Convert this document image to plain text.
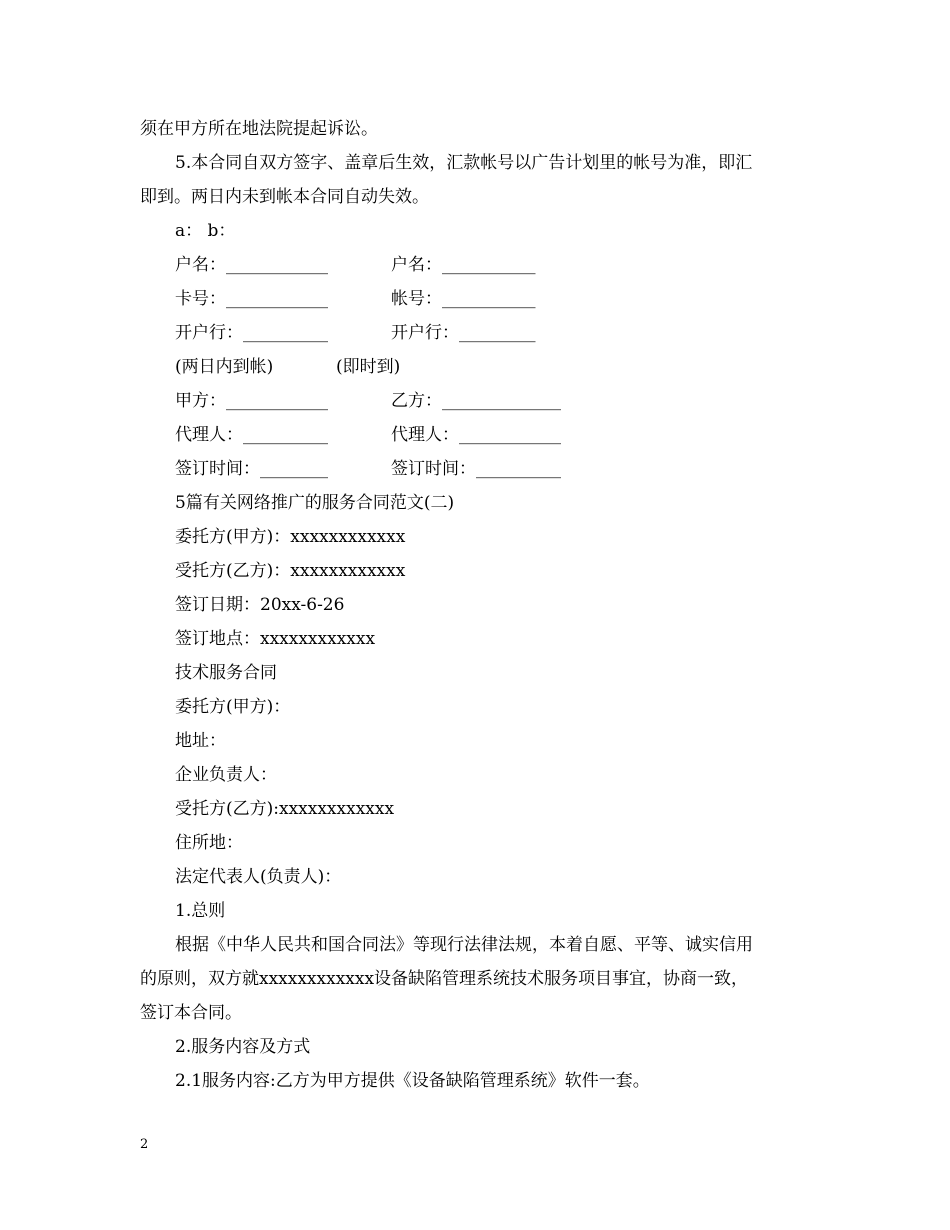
须在甲方所在地法院提起诉讼。
5.本合同自双方签字、盖章后生效，汇款帐号以广告计划里的帐号为准，即汇
即到。两日内未到帐本合同自动失效。
a： b：
户名：____________	户名：___________
卡号：____________	帐号：___________
开户行：__________	开户行：_________
(两日内到帐)	(即时到)
甲方：____________	乙方：______________
代理人：__________	代理人：____________
签订时间：________	签订时间：__________
5篇有关网络推广的服务合同范文(二)
委托方(甲方)：xxxxxxxxxxxx
受托方(乙方)：xxxxxxxxxxxx
签订日期：20xx-6-26
签订地点：xxxxxxxxxxxx
技术服务合同
委托方(甲方)：
地址：
企业负责人：
受托方(乙方):xxxxxxxxxxxx
住所地：
法定代表人(负责人)：
1.总则
根据《中华人民共和国合同法》等现行法律法规，本着自愿、平等、诚实信用
的原则，双方就xxxxxxxxxxxx设备缺陷管理系统技术服务项目事宜，协商一致，
签订本合同。
2.服务内容及方式
2.1服务内容:乙方为甲方提供《设备缺陷管理系统》软件一套。
2
